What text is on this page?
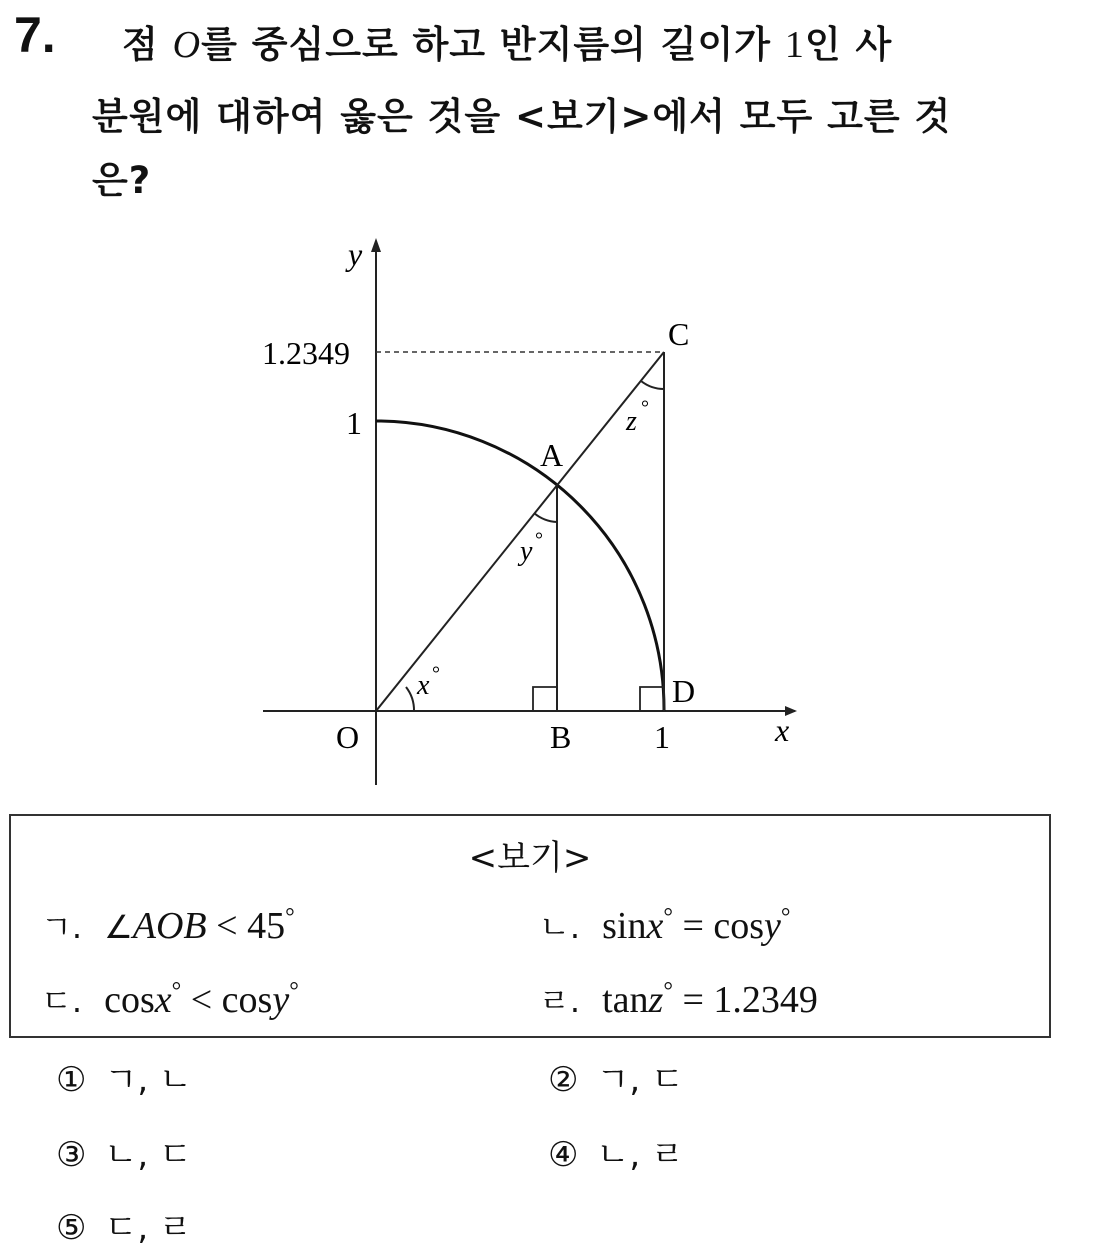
7. 점 O를 중심으로 하고 반지름의 길이가 1인 사
분원에 대하여 옳은 것을 <보기>에서 모두 고른 것
은?
y
x
1.2349
1
1
O
A
B
C
D
x °
y °
z °
<보기>
ㄱ. ∠AOB < 45°	ㄴ. sinx° = cosy°
ㄷ. cosx° < cosy°	ㄹ. tanz° = 1.2349
① ㄱ, ㄴ	② ㄱ, ㄷ
③ ㄴ, ㄷ	④ ㄴ, ㄹ
⑤ ㄷ, ㄹ
